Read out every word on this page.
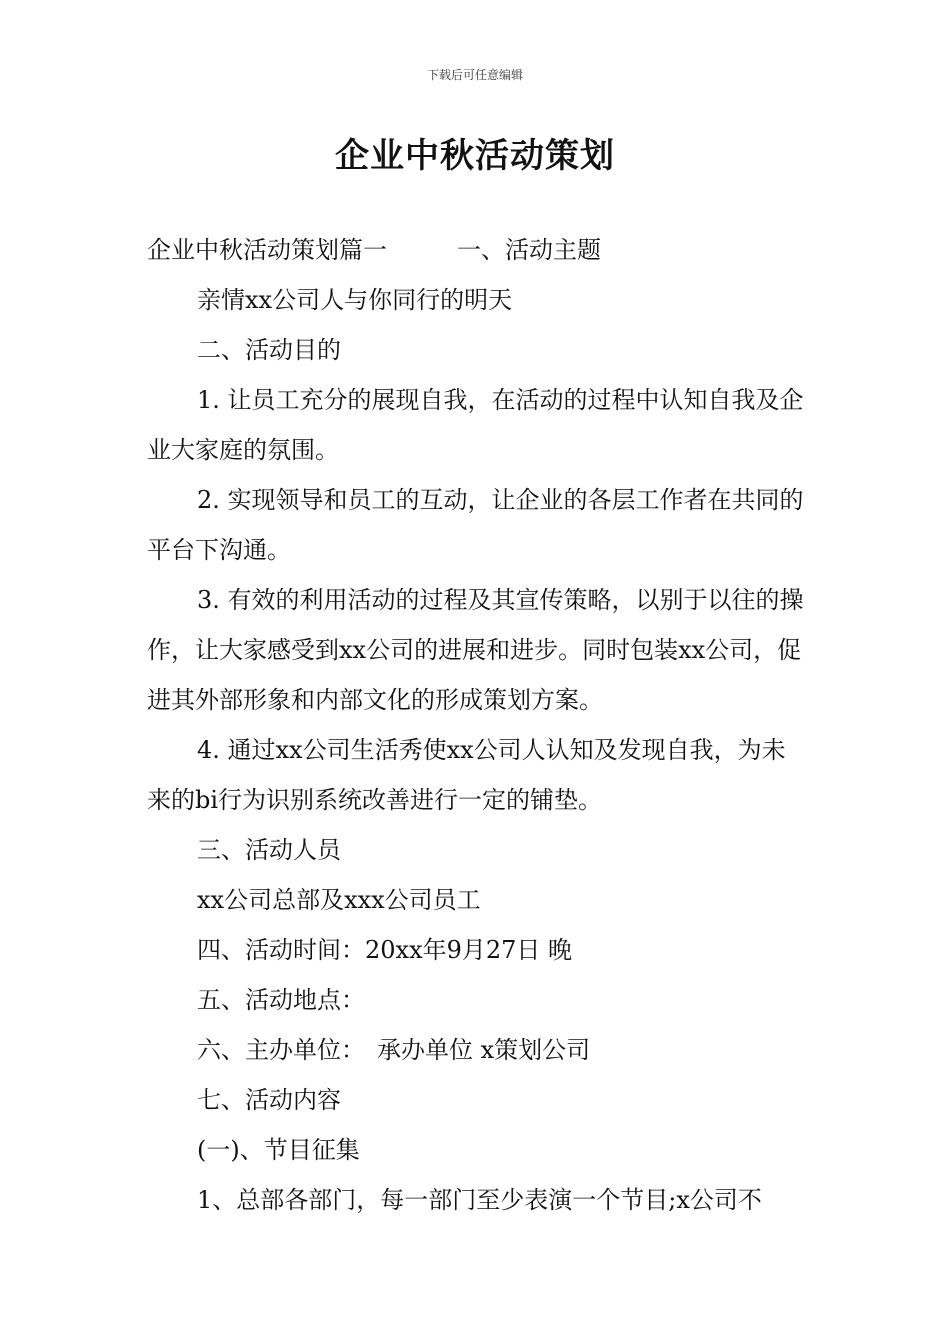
下载后可任意编辑
企业中秋活动策划

企业中秋活动策划篇一	一、活动主题

亲情xx公司人与你同行的明天

二、活动目的

1. 让员工充分的展现自我，在活动的过程中认知自我及企业大家庭的氛围。

2. 实现领导和员工的互动，让企业的各层工作者在共同的平台下沟通。

3. 有效的利用活动的过程及其宣传策略，以别于以往的操作，让大家感受到xx公司的进展和进步。同时包装xx公司，促进其外部形象和内部文化的形成策划方案。

4. 通过xx公司生活秀使xx公司人认知及发现自我，为未来的bi行为识别系统改善进行一定的铺垫。

三、活动人员

xx公司总部及xxx公司员工

四、活动时间：20xx年9月27日 晚

五、活动地点：

六、主办单位：　承办单位 x策划公司

七、活动内容

(一)、节目征集

1、总部各部门，每一部门至少表演一个节目;x公司不
